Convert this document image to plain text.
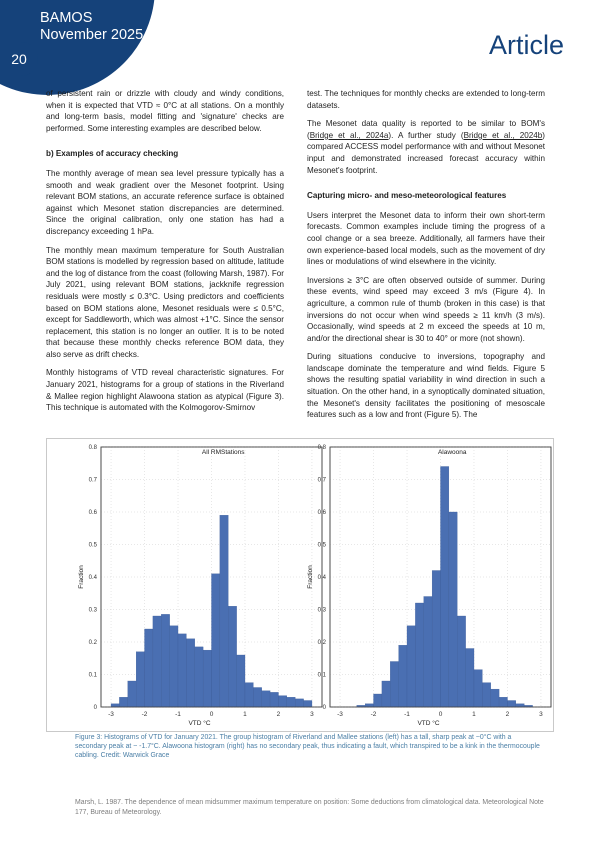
BAMOS
November 2025
20	Article

of persistent rain or drizzle with cloudy and windy conditions, when it is expected that VTD ≈ 0°C at all stations. On a monthly and long-term basis, model fitting and 'signature' checks are performed. Some interesting examples are described below.

b) Examples of accuracy checking

The monthly average of mean sea level pressure typically has a smooth and weak gradient over the Mesonet footprint. Using relevant BOM stations, an accurate reference surface is obtained against which Mesonet station discrepancies are determined. Since the original calibration, only one station has had a discrepancy exceeding 1 hPa.

The monthly mean maximum temperature for South Australian BOM stations is modelled by regression based on altitude, latitude and the log of distance from the coast (following Marsh, 1987). For July 2021, using relevant BOM stations, jackknife regression residuals were mostly ≤ 0.3°C. Using predictors and coefficients based on BOM stations alone, Mesonet residuals were ≤ 0.5°C, except for Saddleworth, which was almost +1°C. Since the sensor replacement, this station is no longer an outlier. It is to be noted that because these monthly checks reference BOM data, they also serve as drift checks.

Monthly histograms of VTD reveal characteristic signatures. For January 2021, histograms for a group of stations in the Riverland & Mallee region highlight Alawoona station as atypical (Figure 3). This technique is automated with the Kolmogorov-Smirnov

test. The techniques for monthly checks are extended to long-term datasets.

The Mesonet data quality is reported to be similar to BOM's (Bridge et al., 2024a). A further study (Bridge et al., 2024b) compared ACCESS model performance with and without Mesonet input and demonstrated increased forecast accuracy within Mesonet's footprint.

Capturing micro- and meso-meteorological features

Users interpret the Mesonet data to inform their own short-term forecasts. Common examples include timing the progress of a cool change or a sea breeze. Additionally, all farmers have their own experience-based local models, such as the movement of dry lines or modulations of wind elsewhere in the vicinity.

Inversions ≥ 3°C are often observed outside of summer. During these events, wind speed may exceed 3 m/s (Figure 4). In agriculture, a common rule of thumb (broken in this case) is that inversions do not occur when wind speeds ≥ 11 km/h (3 m/s). Occasionally, wind speeds at 2 m exceed the speeds at 10 m, and/or the directional shear is 30 to 40° or more (not shown).

During situations conducive to inversions, topography and landscape dominate the temperature and wind fields. Figure 5 shows the resulting spatial variability in wind direction in such a situation. On the other hand, in a synoptically dominated situation, the Mesonet's density facilitates the positioning of mesoscale features such as a low and front (Figure 5). The

0
0.1
0.2
0.3
0.4
0.5
0.6
0.7
0.8
-3	-2	-1	0	1	2	3
All RMStations
VTD °C
Fraction
0
0.1
0.2
0.3
0.4
0.5
0.6
0.7
0.8
-3	-2	-1	0	1	2	3
Alawoona
VTD °C
Fraction
Figure 3: Histograms of VTD for January 2021. The group histogram of Riverland and Mallee stations (left) has a tall, sharp peak at ~0°C with a secondary peak at ~ -1.7°C. Alawoona histogram (right) has no secondary peak, thus indicating a fault, which transpired to be a kink in the thermocouple cabling. Credit: Warwick Grace
Marsh, L. 1987. The dependence of mean midsummer maximum temperature on position: Some deductions from climatological data. Meteorological Note 177, Bureau of Meteorology.
